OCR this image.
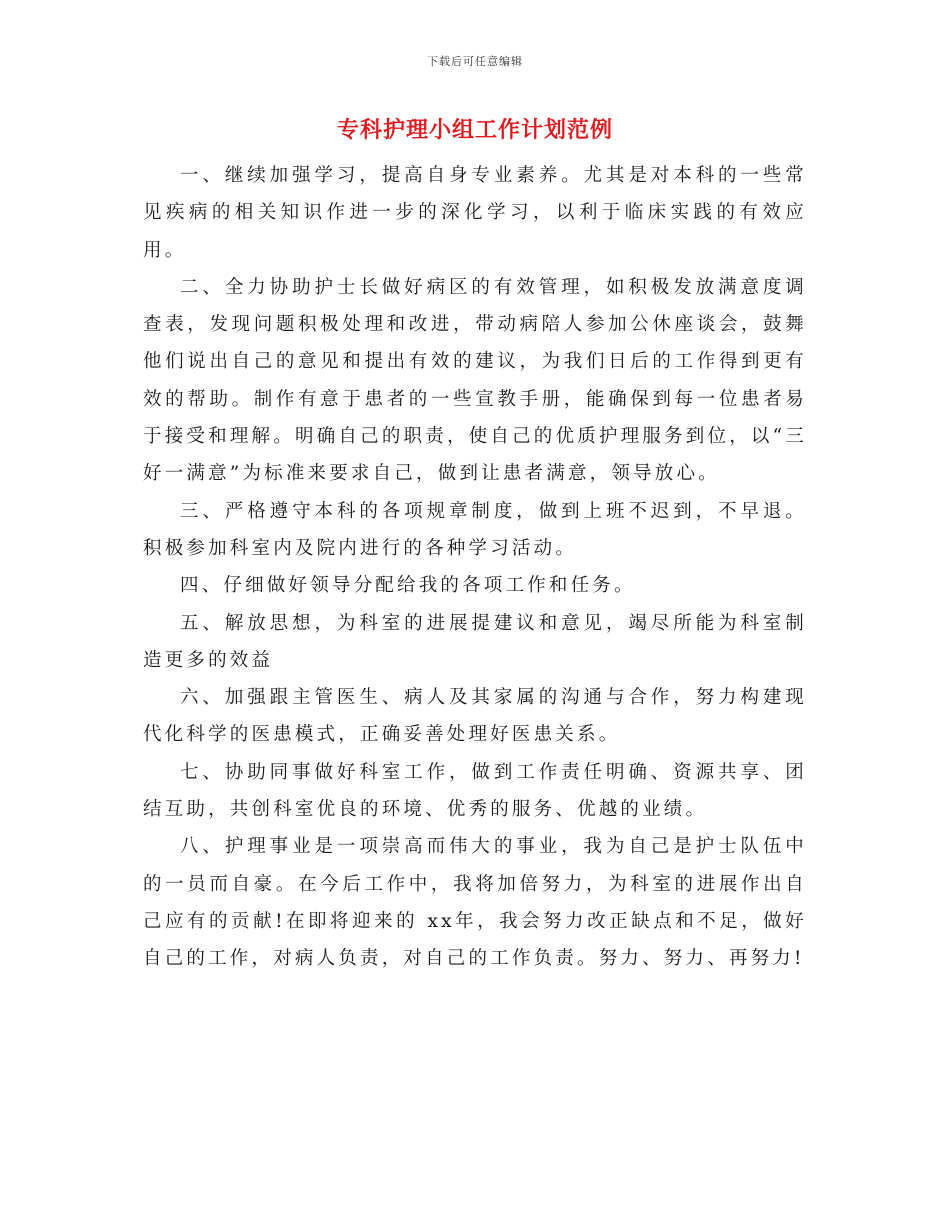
下载后可任意编辑
专科护理小组工作计划范例

一、继续加强学习，提高自身专业素养。尤其是对本科的一些常见疾病的相关知识作进一步的深化学习，以利于临床实践的有效应用。

二、全力协助护士长做好病区的有效管理，如积极发放满意度调查表，发现问题积极处理和改进，带动病陪人参加公休座谈会，鼓舞他们说出自己的意见和提出有效的建议，为我们日后的工作得到更有效的帮助。制作有意于患者的一些宣教手册，能确保到每一位患者易于接受和理解。明确自己的职责，使自己的优质护理服务到位，以“三好一满意”为标准来要求自己，做到让患者满意，领导放心。

三、严格遵守本科的各项规章制度，做到上班不迟到，不早退。积极参加科室内及院内进行的各种学习活动。

四、仔细做好领导分配给我的各项工作和任务。

五、解放思想，为科室的进展提建议和意见，竭尽所能为科室制造更多的效益

六、加强跟主管医生、病人及其家属的沟通与合作，努力构建现代化科学的医患模式，正确妥善处理好医患关系。

七、协助同事做好科室工作，做到工作责任明确、资源共享、团结互助，共创科室优良的环境、优秀的服务、优越的业绩。

八、护理事业是一项崇高而伟大的事业，我为自己是护士队伍中的一员而自豪。在今后工作中，我将加倍努力，为科室的进展作出自己应有的贡献!在即将迎来的 xx年，我会努力改正缺点和不足，做好自己的工作，对病人负责，对自己的工作负责。努力、努力、再努力!
